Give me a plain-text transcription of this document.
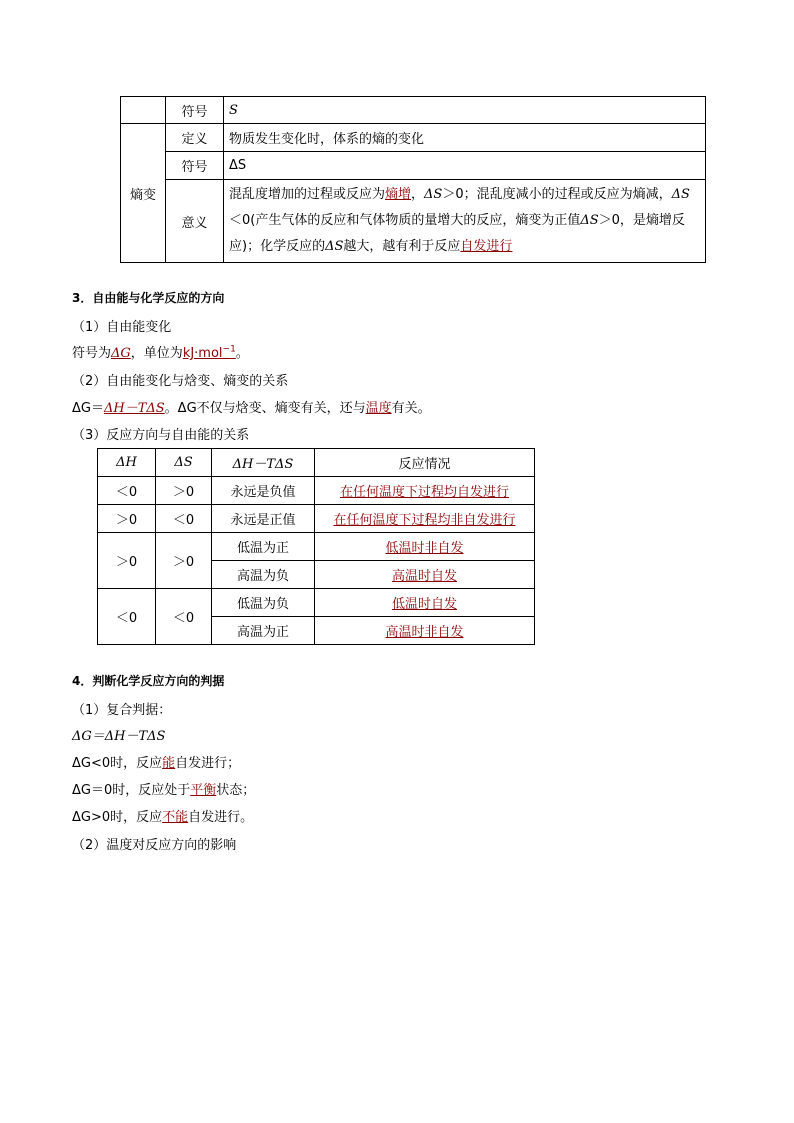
	符号	S
熵变	定义	物质发生变化时，体系的熵的变化
	符号	ΔS
	意义	混乱度增加的过程或反应为熵增，ΔS＞0；混乱度减小的过程或反应为熵减，ΔS＜0(产生气体的反应和气体物质的量增大的反应，熵变为正值ΔS＞0，是熵增反应)；化学反应的ΔS越大，越有利于反应自发进行
3．自由能与化学反应的方向
（1）自由能变化
符号为ΔG，单位为kJ·mol$^{-1}$。
（2）自由能变化与焓变、熵变的关系
ΔG＝ΔH－TΔS。ΔG不仅与焓变、熵变有关，还与温度有关。
（3）反应方向与自由能的关系
ΔH	ΔS	ΔH－TΔS	反应情况
＜0	＞0	永远是负值	在任何温度下过程均自发进行
＞0	＜0	永远是正值	在任何温度下过程均非自发进行
＞0	＞0	低温为正	低温时非自发
		高温为负	高温时自发
＜0	＜0	低温为负	低温时自发
		高温为正	高温时非自发
4．判断化学反应方向的判据
（1）复合判据：
ΔG＝ΔH－TΔS
ΔG<0时，反应能自发进行；
ΔG＝0时，反应处于平衡状态；
ΔG>0时，反应不能自发进行。
（2）温度对反应方向的影响
